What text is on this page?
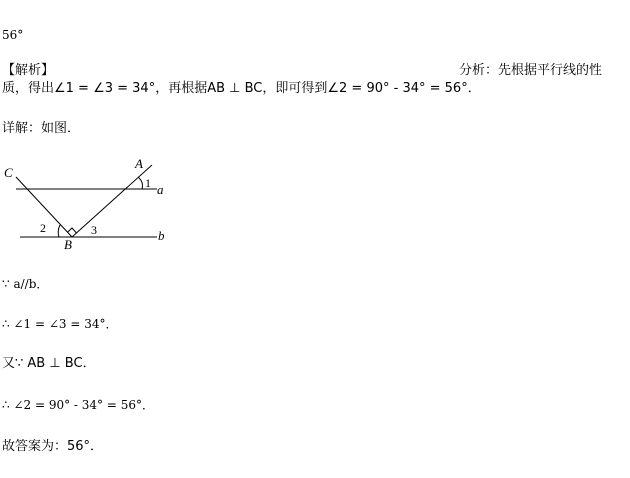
56°
【解析】	分析：先根据平行线的性
质，得出∠1 = ∠3 = 34°，再根据AB ⊥ BC，即可得到∠2 = 90° - 34° = 56°．
详解：如图．
C
A
B
1
2	3
a
b
∵ a//b．
∴ ∠1 = ∠3 = 34°．
又∵ AB ⊥ BC．
∴ ∠2 = 90° - 34° = 56°．
故答案为：56°．
